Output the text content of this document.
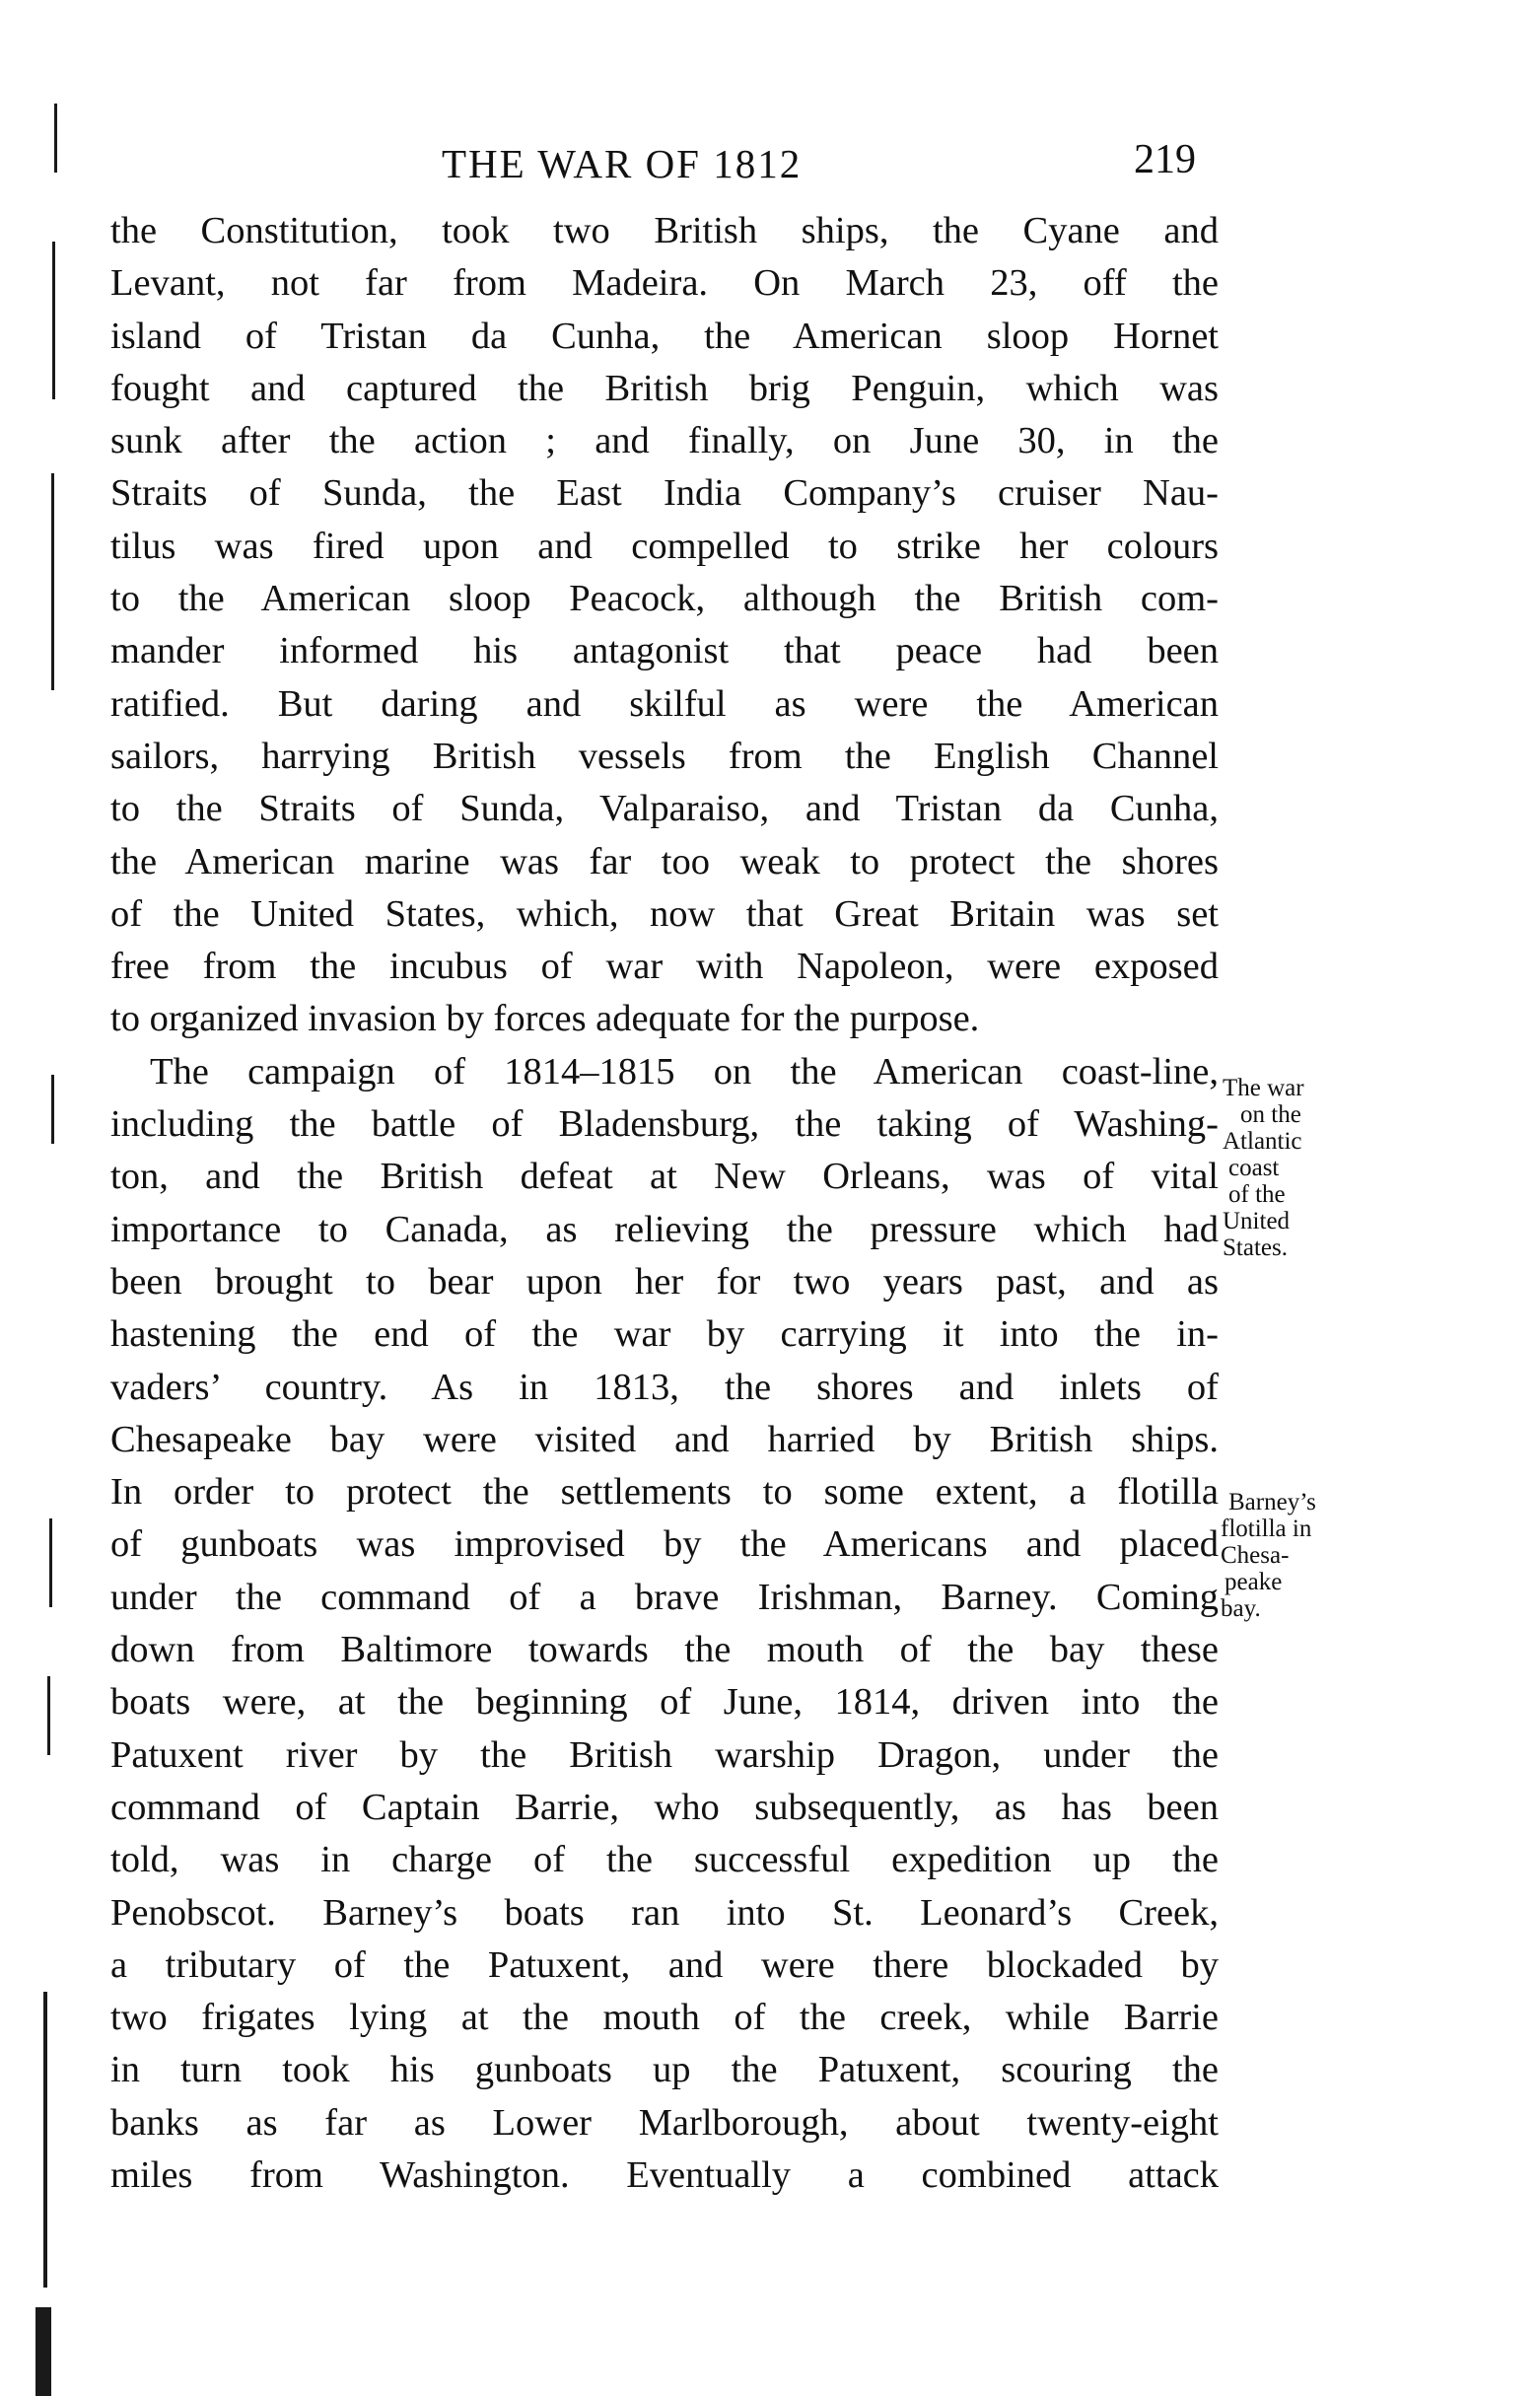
THE WAR OF 1812	219
the Constitution, took two British ships, the Cyane and
Levant, not far from Madeira. On March 23, off the
island of Tristan da Cunha, the American sloop Hornet
fought and captured the British brig Penguin, which was
sunk after the action ; and finally, on June 30, in the
Straits of Sunda, the East India Company’s cruiser Nau-
tilus was fired upon and compelled to strike her colours
to the American sloop Peacock, although the British com-
mander informed his antagonist that peace had been
ratified. But daring and skilful as were the American
sailors, harrying British vessels from the English Channel
to the Straits of Sunda, Valparaiso, and Tristan da Cunha,
the American marine was far too weak to protect the shores
of the United States, which, now that Great Britain was set
free from the incubus of war with Napoleon, were exposed
to organized invasion by forces adequate for the purpose.
The campaign of 1814–1815 on the American coast-line,
including the battle of Bladensburg, the taking of Washing-
ton, and the British defeat at New Orleans, was of vital
importance to Canada, as relieving the pressure which had
been brought to bear upon her for two years past, and as
hastening the end of the war by carrying it into the in-
vaders’ country. As in 1813, the shores and inlets of
Chesapeake bay were visited and harried by British ships.
In order to protect the settlements to some extent, a flotilla
of gunboats was improvised by the Americans and placed
under the command of a brave Irishman, Barney. Coming
down from Baltimore towards the mouth of the bay these
boats were, at the beginning of June, 1814, driven into the
Patuxent river by the British warship Dragon, under the
command of Captain Barrie, who subsequently, as has been
told, was in charge of the successful expedition up the
Penobscot. Barney’s boats ran into St. Leonard’s Creek,
a tributary of the Patuxent, and were there blockaded by
two frigates lying at the mouth of the creek, while Barrie
in turn took his gunboats up the Patuxent, scouring the
banks as far as Lower Marlborough, about twenty-eight
miles from Washington. Eventually a combined attack
The war
on the
Atlantic
coast
of the
United
States.
Barney’s
flotilla in
Chesa-
peake
bay.
